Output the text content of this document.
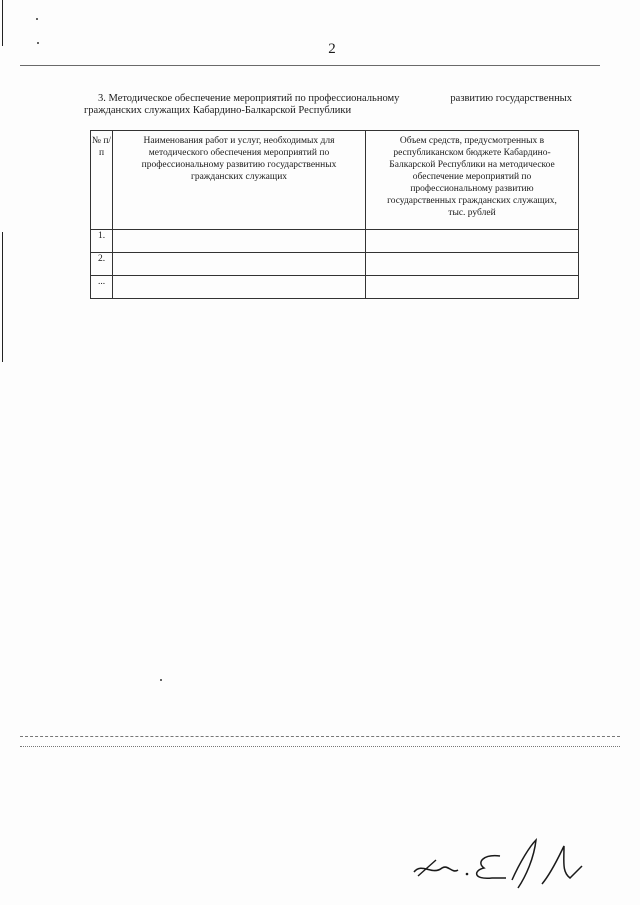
2
3. Методическое обеспечение мероприятий по профессиональному	развитию государственных
гражданских служащих Кабардино-Балкарской Республики
№ п/п	Наименования работ и услуг, необходимых для методического обеспечения мероприятий по профессиональному развитию государственных гражданских служащих	Объем средств, предусмотренных в республиканском бюджете Кабардино-Балкарской Республики на методическое обеспечение мероприятий по профессиональному развитию государственных гражданских служащих, тыс. рублей
1.		
2.		
...		
